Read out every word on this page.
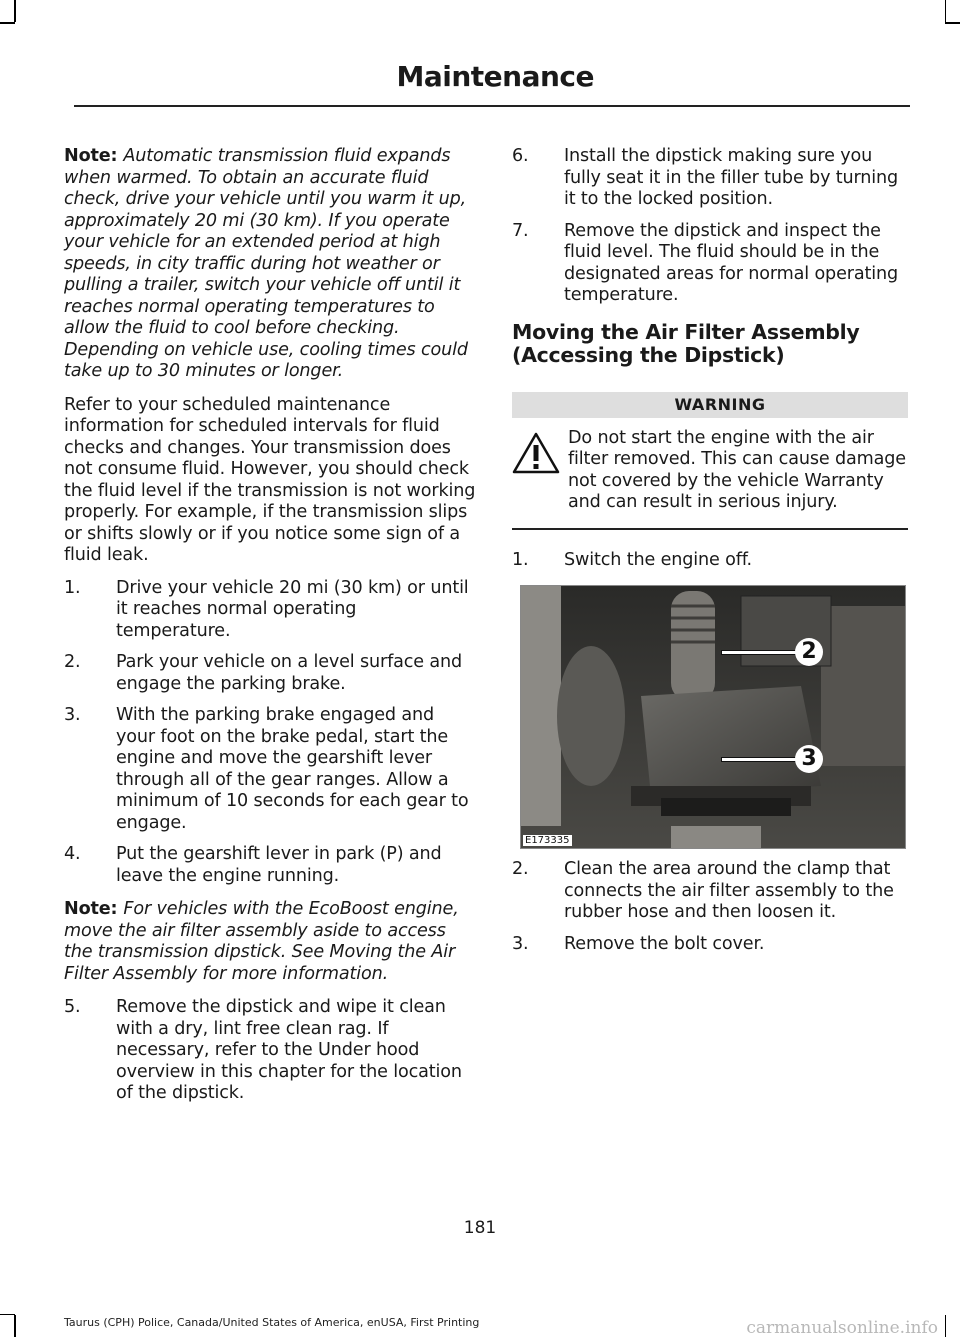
Maintenance

Note: Automatic transmission fluid expands when warmed. To obtain an accurate fluid check, drive your vehicle until you warm it up, approximately 20 mi (30 km). If you operate your vehicle for an extended period at high speeds, in city traffic during hot weather or pulling a trailer, switch your vehicle off until it reaches normal operating temperatures to allow the fluid to cool before checking. Depending on vehicle use, cooling times could take up to 30 minutes or longer.

Refer to your scheduled maintenance information for scheduled intervals for fluid checks and changes. Your transmission does not consume fluid. However, you should check the fluid level if the transmission is not working properly. For example, if the transmission slips or shifts slowly or if you notice some sign of a fluid leak.

1.	Drive your vehicle 20 mi (30 km) or until it reaches normal operating temperature.
2.	Park your vehicle on a level surface and engage the parking brake.
3.	With the parking brake engaged and your foot on the brake pedal, start the engine and move the gearshift lever through all of the gear ranges. Allow a minimum of 10 seconds for each gear to engage.
4.	Put the gearshift lever in park (P) and leave the engine running.

Note: For vehicles with the EcoBoost engine, move the air filter assembly aside to access the transmission dipstick. See Moving the Air Filter Assembly for more information.

5.	Remove the dipstick and wipe it clean with a dry, lint free clean rag. If necessary, refer to the Under hood overview in this chapter for the location of the dipstick.
6.	Install the dipstick making sure you fully seat it in the filler tube by turning it to the locked position.
7.	Remove the dipstick and inspect the fluid level. The fluid should be in the designated areas for normal operating temperature.
Moving the Air Filter Assembly (Accessing the Dipstick)
WARNING

Do not start the engine with the air filter removed. This can cause damage not covered by the vehicle Warranty and can result in serious injury.

1.	Switch the engine off.
2
3
E173335
2.	Clean the area around the clamp that connects the air filter assembly to the rubber hose and then loosen it.
3.	Remove the bolt cover.
181
Taurus (CPH) Police, Canada/United States of America, enUSA, First Printing	carmanualsonline.info
